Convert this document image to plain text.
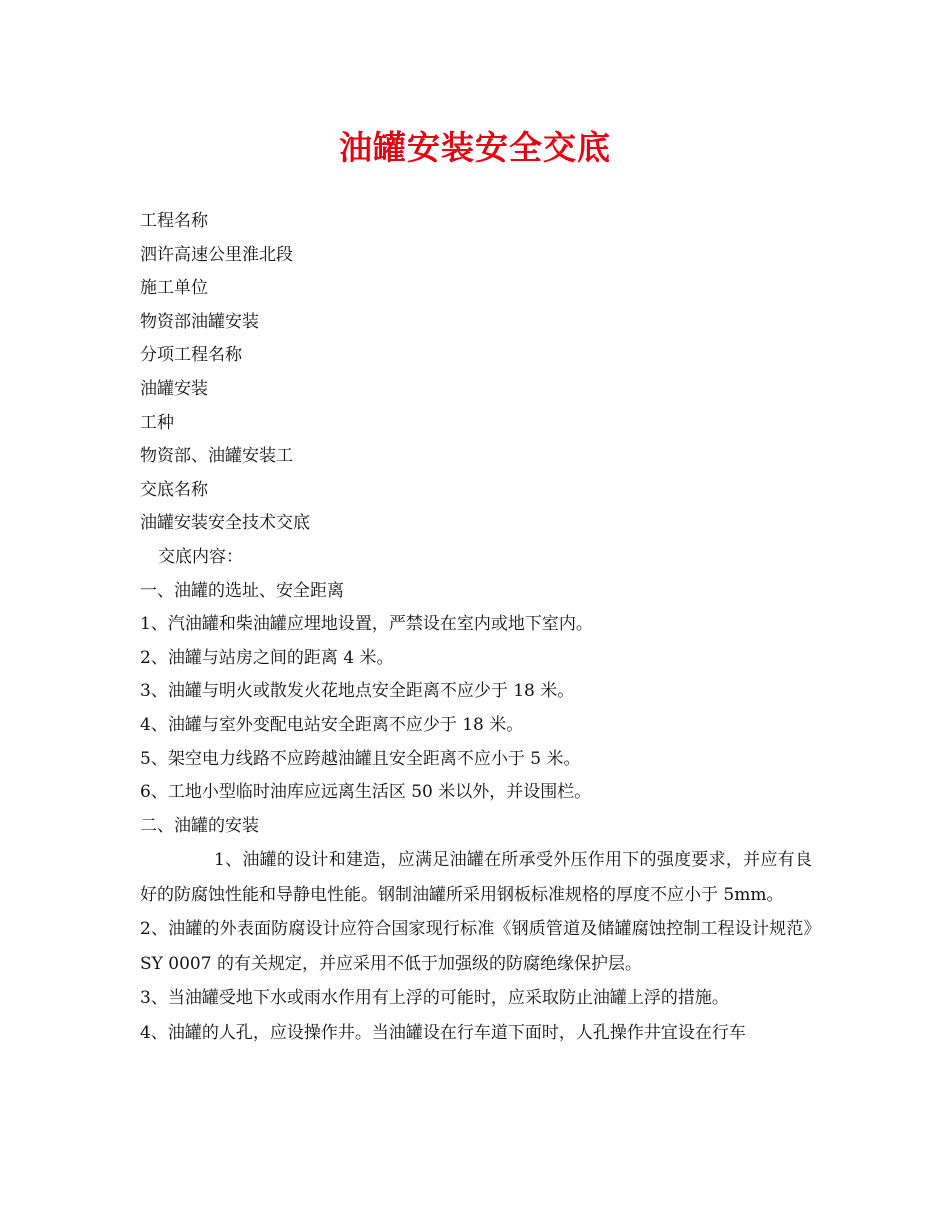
油罐安装安全交底
工程名称
泗许高速公里淮北段
施工单位
物资部油罐安装
分项工程名称
油罐安装
工种
物资部、油罐安装工
交底名称
油罐安装安全技术交底
交底内容：
一、油罐的选址、安全距离
1、汽油罐和柴油罐应埋地设置，严禁设在室内或地下室内。
2、油罐与站房之间的距离 4 米。
3、油罐与明火或散发火花地点安全距离不应少于 18 米。
4、油罐与室外变配电站安全距离不应少于 18 米。
5、架空电力线路不应跨越油罐且安全距离不应小于 5 米。
6、工地小型临时油库应远离生活区 50 米以外，并设围栏。
二、油罐的安装
1、油罐的设计和建造，应满足油罐在所承受外压作用下的强度要求，并应有良好的防腐蚀性能和导静电性能。钢制油罐所采用钢板标准规格的厚度不应小于 5mm。
2、油罐的外表面防腐设计应符合国家现行标准《钢质管道及储罐腐蚀控制工程设计规范》SY 0007 的有关规定，并应采用不低于加强级的防腐绝缘保护层。
3、当油罐受地下水或雨水作用有上浮的可能时，应采取防止油罐上浮的措施。
4、油罐的人孔，应设操作井。当油罐设在行车道下面时，人孔操作井宜设在行车
